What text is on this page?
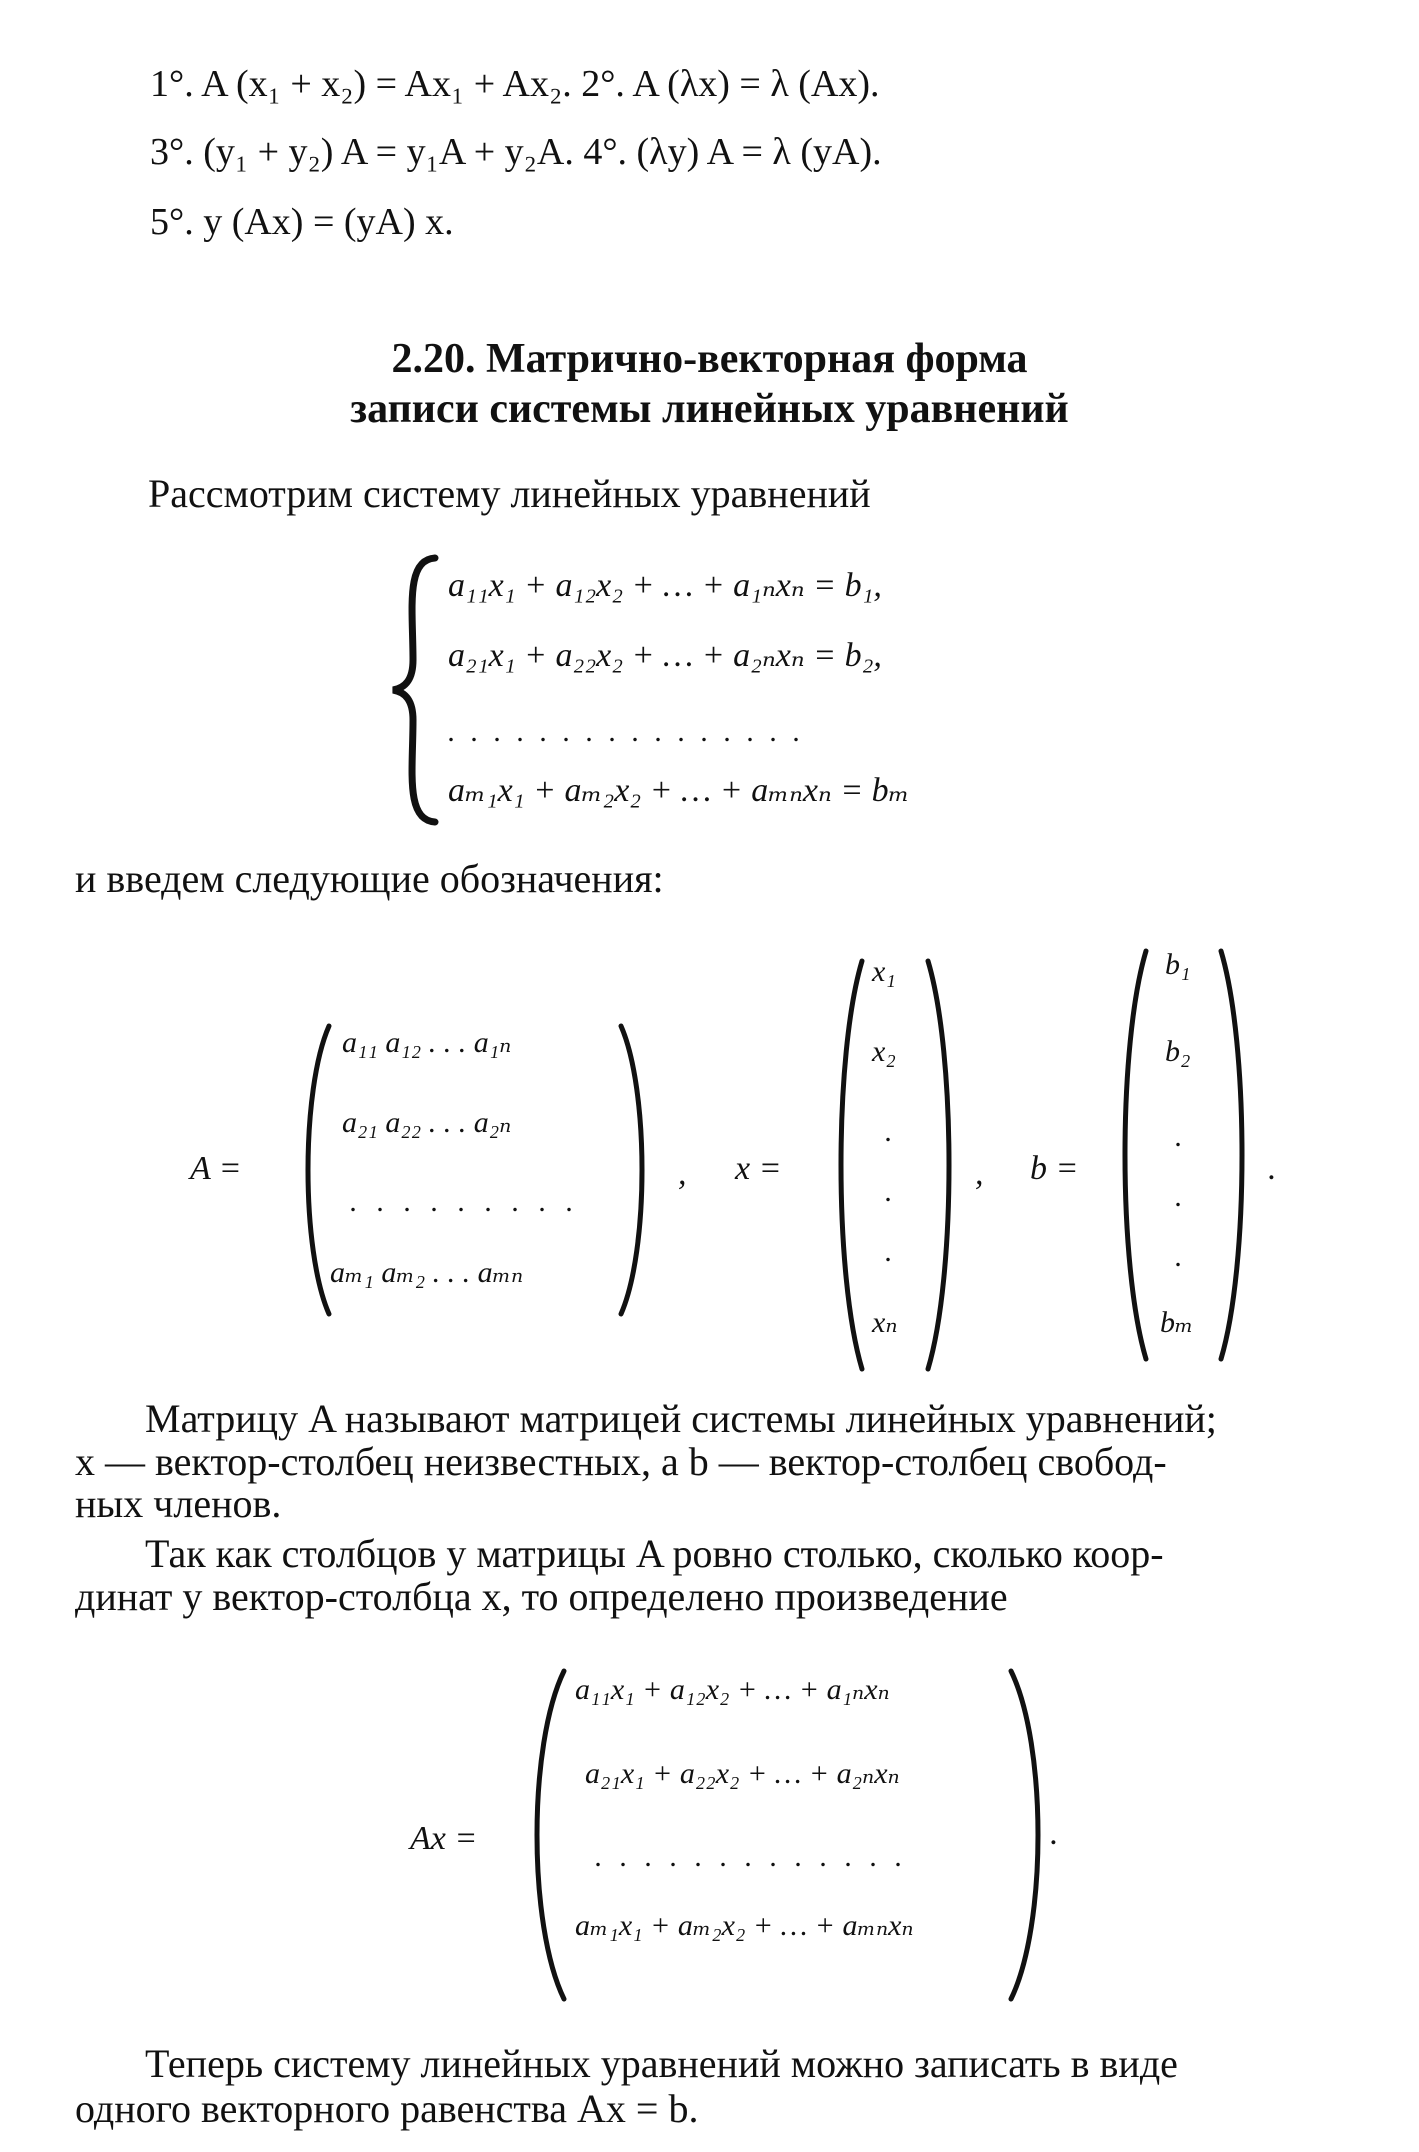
1°. A (x₁ + x₂) = Ax₁ + Ax₂. 2°. A (λx) = λ (Ax).
3°. (y₁ + y₂) A = y₁A + y₂A. 4°. (λy) A = λ (yA).
5°. y (Ax) = (yA) x.
2.20. Матрично-векторная форма
записи системы линейных уравнений
Рассмотрим систему линейных уравнений
a₁₁x₁ + a₁₂x₂ + … + a₁ₙxₙ = b₁,
a₂₁x₁ + a₂₂x₂ + … + a₂ₙxₙ = b₂,
. . . . . . . . . . . . . . . .
aₘ₁x₁ + aₘ₂x₂ + … + aₘₙxₙ = bₘ
и введем следующие обозначения:
A =
a₁₁ a₁₂ . . . a₁ₙ
a₂₁ a₂₂ . . . a₂ₙ
. . . . . . . . .
aₘ₁ aₘ₂ . . . aₘₙ
, x =
x₁
x₂
.
.
.
xₙ
, b =
b₁
b₂
.
.
.
bₘ
.
Матрицу A называют матрицей системы линейных уравнений;
x — вектор-столбец неизвестных, а b — вектор-столбец свобод-
ных членов.
Так как столбцов у матрицы A ровно столько, сколько коор-
динат у вектор-столбца x, то определено произведение
Ax =
a₁₁x₁ + a₁₂x₂ + … + a₁ₙxₙ
a₂₁x₁ + a₂₂x₂ + … + a₂ₙxₙ
. . . . . . . . . . . . .
aₘ₁x₁ + aₘ₂x₂ + … + aₘₙxₙ
.
Теперь систему линейных уравнений можно записать в виде
одного векторного равенства Ax = b.
